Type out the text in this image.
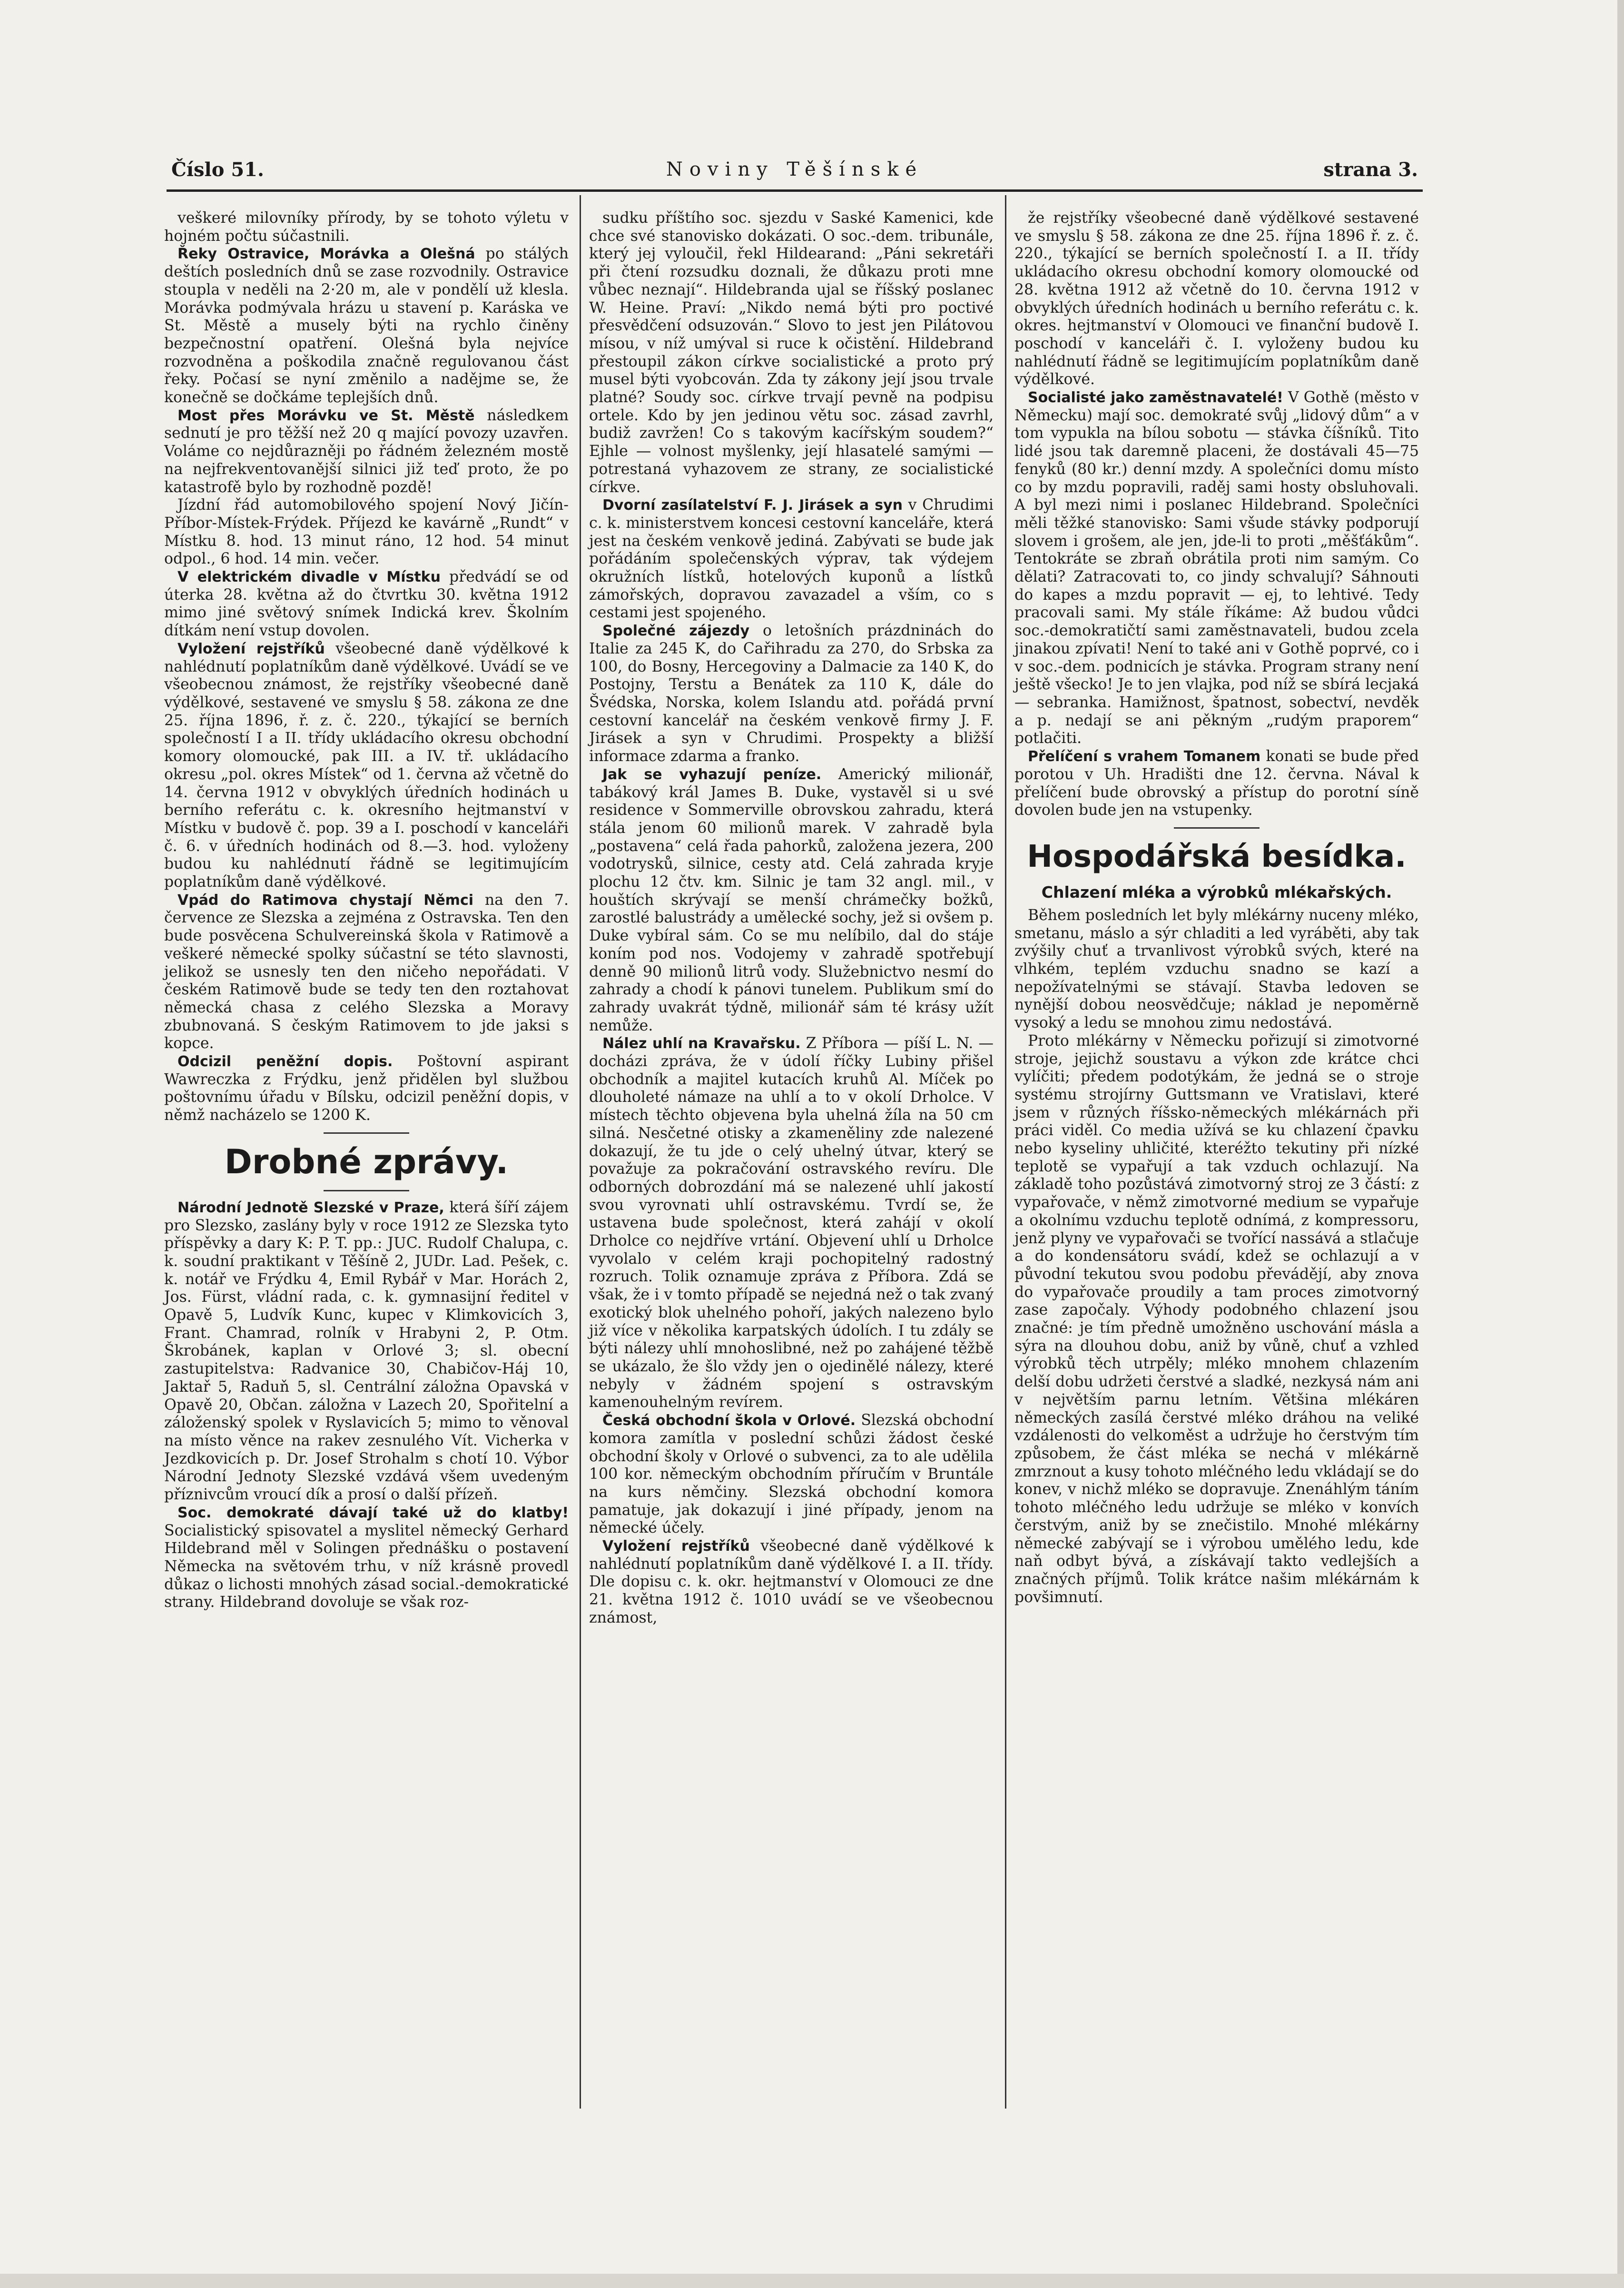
Číslo 51.	Noviny Těšínské	strana 3.

veškeré milovníky přírody, by se tohoto výletu v hojném počtu súčastnili.

Řeky Ostravice, Morávka a Olešná po stálých deštích posledních dnů se zase rozvodnily. Ostravice stoupla v neděli na 2·20 m, ale v pondělí už klesla. Morávka podmývala hrázu u stavení p. Karáska ve St. Městě a musely býti na rychlo činěny bezpečnostní opatření. Olešná byla nejvíce rozvodněna a poškodila značně regulovanou část řeky. Počasí se nyní změnilo a nadějme se, že konečně se dočkáme teplejších dnů.

Most přes Morávku ve St. Městě následkem sednutí je pro těžší než 20 q mající povozy uzavřen. Voláme co nejdůrazněji po řádném železném mostě na nejfrekventovanější silnici již teď proto, že po katastrofě bylo by rozhodně pozdě!

Jízdní řád automobilového spojení Nový Jičín-Příbor-Místek-Frýdek. Příjezd ke kavárně „Rundt“ v Místku 8. hod. 13 minut ráno, 12 hod. 54 minut odpol., 6 hod. 14 min. večer.

V elektrickém divadle v Místku předvádí se od úterka 28. května až do čtvrtku 30. května 1912 mimo jiné světový snímek Indická krev. Školním dítkám není vstup dovolen.

Vyložení rejstříků všeobecné daně výdělkové k nahlédnutí poplatníkům daně výdělkové. Uvádí se ve všeobecnou známost, že rejstříky všeobecné daně výdělkové, sestavené ve smyslu § 58. zákona ze dne 25. října 1896, ř. z. č. 220., týkající se berních společností I a II. třídy ukládacího okresu obchodní komory olomoucké, pak III. a IV. tř. ukládacího okresu „pol. okres Místek“ od 1. června až včetně do 14. června 1912 v obvyklých úředních hodinách u berního referátu c. k. okresního hejtmanství v Místku v budově č. pop. 39 a I. poschodí v kanceláři č. 6. v úředních hodinách od 8.—3. hod. vyloženy budou ku nahlédnutí řádně se legitimujícím poplatníkům daně výdělkové.

Vpád do Ratimova chystají Němci na den 7. července ze Slezska a zejména z Ostravska. Ten den bude posvěcena Schulvereinská škola v Ratimově a veškeré německé spolky súčastní se této slavnosti, jelikož se usnesly ten den ničeho nepořádati. V českém Ratimově bude se tedy ten den roztahovat německá chasa z celého Slezska a Moravy zbubnovaná. S českým Ratimovem to jde jaksi s kopce.

Odcizil peněžní dopis. Poštovní aspirant Wawreczka z Frýdku, jenž přidělen byl službou poštovnímu úřadu v Bílsku, odcizil peněžní dopis, v němž nacházelo se 1200 K.

Drobné zprávy.

Národní Jednotě Slezské v Praze, která šíří zájem pro Slezsko, zaslány byly v roce 1912 ze Slezska tyto příspěvky a dary K: P. T. pp.: JUC. Rudolf Chalupa, c. k. soudní praktikant v Těšíně 2, JUDr. Lad. Pešek, c. k. notář ve Frýdku 4, Emil Rybář v Mar. Horách 2, Jos. Fürst, vládní rada, c. k. gymnasijní ředitel v Opavě 5, Ludvík Kunc, kupec v Klimkovicích 3, Frant. Chamrad, rolník v Hrabyni 2, P. Otm. Škrobánek, kaplan v Orlové 3; sl. obecní zastupitelstva: Radvanice 30, Chabičov-Háj 10, Jaktař 5, Raduň 5, sl. Centrální záložna Opavská v Opavě 20, Občan. záložna v Lazech 20, Spořitelní a záloženský spolek v Ryslavicích 5; mimo to věnoval na místo věnce na rakev zesnulého Vít. Vicherka v Jezdkovicích p. Dr. Josef Strohalm s chotí 10. Výbor Národní Jednoty Slezské vzdává všem uvedeným příznivcům vroucí dík a prosí o další přízeň.

Soc. demokraté dávají také už do klatby! Socialistický spisovatel a myslitel německý Gerhard Hildebrand měl v Solingen přednášku o postavení Německa na světovém trhu, v níž krásně provedl důkaz o lichosti mnohých zásad social.-demokratické strany. Hildebrand dovoluje se však roz-

sudku příštího soc. sjezdu v Saské Kamenici, kde chce své stanovisko dokázati. O soc.-dem. tribunále, který jej vyloučil, řekl Hildearand: „Páni sekretáři při čtení rozsudku doznali, že důkazu proti mne vůbec neznají“. Hildebranda ujal se říšský poslanec W. Heine. Praví: „Nikdo nemá býti pro poctivé přesvědčení odsuzován.“ Slovo to jest jen Pilátovou mísou, v níž umýval si ruce k očistění. Hildebrand přestoupil zákon církve socialistické a proto prý musel býti vyobcován. Zda ty zákony její jsou trvale platné? Soudy soc. církve trvají pevně na podpisu ortele. Kdo by jen jedinou větu soc. zásad zavrhl, budiž zavržen! Co s takovým kacířským soudem?“ Ejhle — volnost myšlenky, její hlasatelé samými — potrestaná vyhazovem ze strany, ze socialistické církve.

Dvorní zasílatelství F. J. Jirásek a syn v Chrudimi c. k. ministerstvem koncesi cestovní kanceláře, která jest na českém venkově jediná. Zabývati se bude jak pořádáním společenských výprav, tak výdejem okružních lístků, hotelových kuponů a lístků zámořských, dopravou zavazadel a vším, co s cestami jest spojeného.

Společné zájezdy o letošních prázdninách do Italie za 245 K, do Cařihradu za 270, do Srbska za 100, do Bosny, Hercegoviny a Dalmacie za 140 K, do Postojny, Terstu a Benátek za 110 K, dále do Švédska, Norska, kolem Islandu atd. pořádá první cestovní kancelář na českém venkově firmy J. F. Jirásek a syn v Chrudimi. Prospekty a bližší informace zdarma a franko.

Jak se vyhazují peníze. Americký milionář, tabákový král James B. Duke, vystavěl si u své residence v Sommerville obrovskou zahradu, která stála jenom 60 milionů marek. V zahradě byla „postavena“ celá řada pahorků, založena jezera, 200 vodotrysků, silnice, cesty atd. Celá zahrada kryje plochu 12 čtv. km. Silnic je tam 32 angl. mil., v houštích skrývají se menší chrámečky božků, zarostlé balustrády a umělecké sochy, jež si ovšem p. Duke vybíral sám. Co se mu nelíbilo, dal do stáje koním pod nos. Vodojemy v zahradě spotřebují denně 90 milionů litrů vody. Služebnictvo nesmí do zahrady a chodí k pánovi tunelem. Publikum smí do zahrady uvakrát týdně, milionář sám té krásy užít nemůže.

Nález uhlí na Kravařsku. Z Příbora — píší L. N. — docházi zpráva, že v údolí říčky Lubiny přišel obchodník a majitel kutacích kruhů Al. Míček po dlouholeté námaze na uhlí a to v okolí Drholce. V místech těchto objevena byla uhelná žíla na 50 cm silná. Nesčetné otisky a zkameněliny zde nalezené dokazují, že tu jde o celý uhelný útvar, který se považuje za pokračování ostravského revíru. Dle odborných dobrozdání má se nalezené uhlí jakostí svou vyrovnati uhlí ostravskému. Tvrdí se, že ustavena bude společnost, která zahájí v okolí Drholce co nejdříve vrtání. Objevení uhlí u Drholce vyvolalo v celém kraji pochopitelný radostný rozruch. Tolik oznamuje zpráva z Příbora. Zdá se však, že i v tomto případě se nejedná než o tak zvaný exotický blok uhelného pohoří, jakých nalezeno bylo již více v několika karpatských údolích. I tu zdály se býti nálezy uhlí mnohoslibné, než po zahájené těžbě se ukázalo, že šlo vždy jen o ojedinělé nálezy, které nebyly v žádném spojení s ostravským kamenouhelným revírem.

Česká obchodní škola v Orlové. Slezská obchodní komora zamítla v poslední schůzi žádost české obchodní školy v Orlové o subvenci, za to ale udělila 100 kor. německým obchodním příručím v Bruntále na kurs němčiny. Slezská obchodní komora pamatuje, jak dokazují i jiné případy, jenom na německé účely.

Vyložení rejstříků všeobecné daně výdělkové k nahlédnutí poplatníkům daně výdělkové I. a II. třídy. Dle dopisu c. k. okr. hejtmanství v Olomouci ze dne 21. května 1912 č. 1010 uvádí se ve všeobecnou známost,

že rejstříky všeobecné daně výdělkové sestavené ve smyslu § 58. zákona ze dne 25. října 1896 ř. z. č. 220., týkající se berních společností I. a II. třídy ukládacího okresu obchodní komory olomoucké od 28. května 1912 až včetně do 10. června 1912 v obvyklých úředních hodinách u berního referátu c. k. okres. hejtmanství v Olomouci ve finanční budově I. poschodí v kanceláři č. I. vyloženy budou ku nahlédnutí řádně se legitimujícím poplatníkům daně výdělkové.

Socialisté jako zaměstnavatelé! V Gothě (město v Německu) mají soc. demokraté svůj „lidový dům“ a v tom vypukla na bílou sobotu — stávka číšníků. Tito lidé jsou tak daremně placeni, že dostávali 45—75 fenyků (80 kr.) denní mzdy. A společníci domu místo co by mzdu popravili, raděj sami hosty obsluhovali. A byl mezi nimi i poslanec Hildebrand. Společníci měli těžké stanovisko: Sami všude stávky podporují slovem i grošem, ale jen, jde-li to proti „měšťákům“. Tentokráte se zbraň obrátila proti nim samým. Co dělati? Zatracovati to, co jindy schvalují? Sáhnouti do kapes a mzdu popravit — ej, to lehtivé. Tedy pracovali sami. My stále říkáme: Až budou vůdci soc.-demokratičtí sami zaměstnavateli, budou zcela jinakou zpívati! Není to také ani v Gothě poprvé, co i v soc.-dem. podnicích je stávka. Program strany není ještě všecko! Je to jen vlajka, pod níž se sbírá lecjaká — sebranka. Hamižnost, špatnost, sobectví, nevděk a p. nedají se ani pěkným „rudým praporem“ potlačiti.

Přelíčení s vrahem Tomanem konati se bude před porotou v Uh. Hradišti dne 12. června. Nával k přelíčení bude obrovský a přístup do porotní síně dovolen bude jen na vstupenky.

Hospodářská besídka.
Chlazení mléka a výrobků mlékařských.

Během posledních let byly mlékárny nuceny mléko, smetanu, máslo a sýr chladiti a led vyráběti, aby tak zvýšily chuť a trvanlivost výrobků svých, které na vlhkém, teplém vzduchu snadno se kazí a nepožívatelnými se stávají. Stavba ledoven se nynější dobou neosvědčuje; náklad je nepoměrně vysoký a ledu se mnohou zimu nedostává.

Proto mlékárny v Německu pořizují si zimotvorné stroje, jejichž soustavu a výkon zde krátce chci vylíčiti; předem podotýkám, že jedná se o stroje systému strojírny Guttsmann ve Vratislavi, které jsem v různých říšsko-německých mlékárnách při práci viděl. Co media užívá se ku chlazení čpavku nebo kyseliny uhličité, kteréžto tekutiny při nízké teplotě se vypařují a tak vzduch ochlazují. Na základě toho pozůstává zimotvorný stroj ze 3 částí: z vypařovače, v němž zimotvorné medium se vypařuje a okolnímu vzduchu teplotě odnímá, z kompressoru, jenž plyny ve vypařovači se tvořící nassává a stlačuje a do kondensátoru svádí, kdež se ochlazují a v původní tekutou svou podobu převádějí, aby znova do vypařovače proudily a tam proces zimotvorný zase započaly. Výhody podobného chlazení jsou značné: je tím předně umožněno uschování másla a sýra na dlouhou dobu, aniž by vůně, chuť a vzhled výrobků těch utrpěly; mléko mnohem chlazením delší dobu udržeti čerstvé a sladké, nezkysá nám ani v největším parnu letním. Většina mlékáren německých zasílá čerstvé mléko dráhou na veliké vzdálenosti do velkoměst a udržuje ho čerstvým tím způsobem, že část mléka se nechá v mlékárně zmrznout a kusy tohoto mléčného ledu vkládají se do konev, v nichž mléko se dopravuje. Znenáhlým táním tohoto mléčného ledu udržuje se mléko v konvích čerstvým, aniž by se znečistilo. Mnohé mlékárny německé zabývají se i výrobou umělého ledu, kde naň odbyt bývá, a získávají takto vedlejších a značných příjmů. Tolik krátce našim mlékárnám k povšimnutí.
